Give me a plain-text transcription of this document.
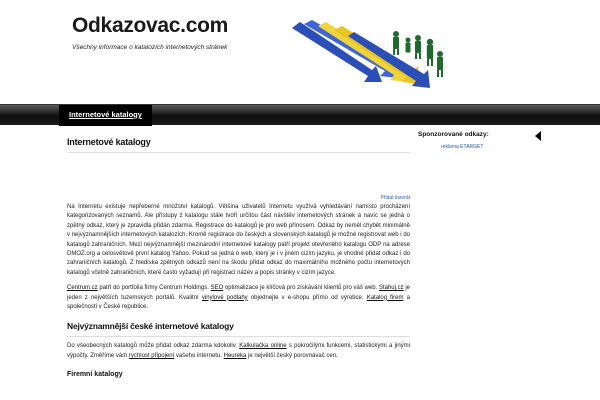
Odkazovac.com
Všechny informace o katalozích internetových stránek
Internetové katalogy
Internetové katalogy
Přidat inzerát

Na Internetu existuje nepřeberné množství katalogů. Většina uživatelů Internetu využívá vyhledávání namísto procházení kategorizovaných seznamů. Ale přístupy z katalogu stále tvoří určitou část návštěv internetových stránek a navíc se jedná o zpětný odkaz, který je zpravidla přidán zdarma. Registrace do katalogů je pro web přínosem. Odkaz by neměl chybět minimálně v nejvýznamnějších internetových katalozích. Kromě registrace do českých a slovenských katalogů je možné registrovat web i do katalogů zahraničních. Mezi nejvýznamnější mezinárodní internetové katalogy patří projekt otevřeného katalogu ODP na adrese DMOZ.org a celosvětově první katalog Yahoo. Pokud se jedná o web, který je i v jiném cizím jazyku, je vhodné přidat odkaz i do zahraničních katalogů. Z hlediska zpětných odkazů není na škodu přidat odkaz do maximálního možného počtu internetových katalogů včetně zahraničních, které často vyžadují při registraci název a popis stránky v cizím jazyce.

Centrum.cz patří do portfolia firmy Centrum Holdings. SEO optimalizace je klíčová pro získávání klientů pro váš web. Stahuj.cz je jeden z největších tuzemských portálů. Kvalitní vinylové podlahy objednejte v e-shopu přímo od výrobce. Katalog firem a společnosti v České republice.

Nejvýznamnější české internetové katalogy

Do všeobecných katalogů může přidat odkaz zdarma kdokoliv. Kalkulačka online s pokročilými funkcemi, statistickými a jinými výpočty. Změříme vám rychlost připojení vašeho internetu. Heureka je největší český porovnávač cen.

Firemní katalogy
Sponzorované odkazy:
reklama ETARGET
